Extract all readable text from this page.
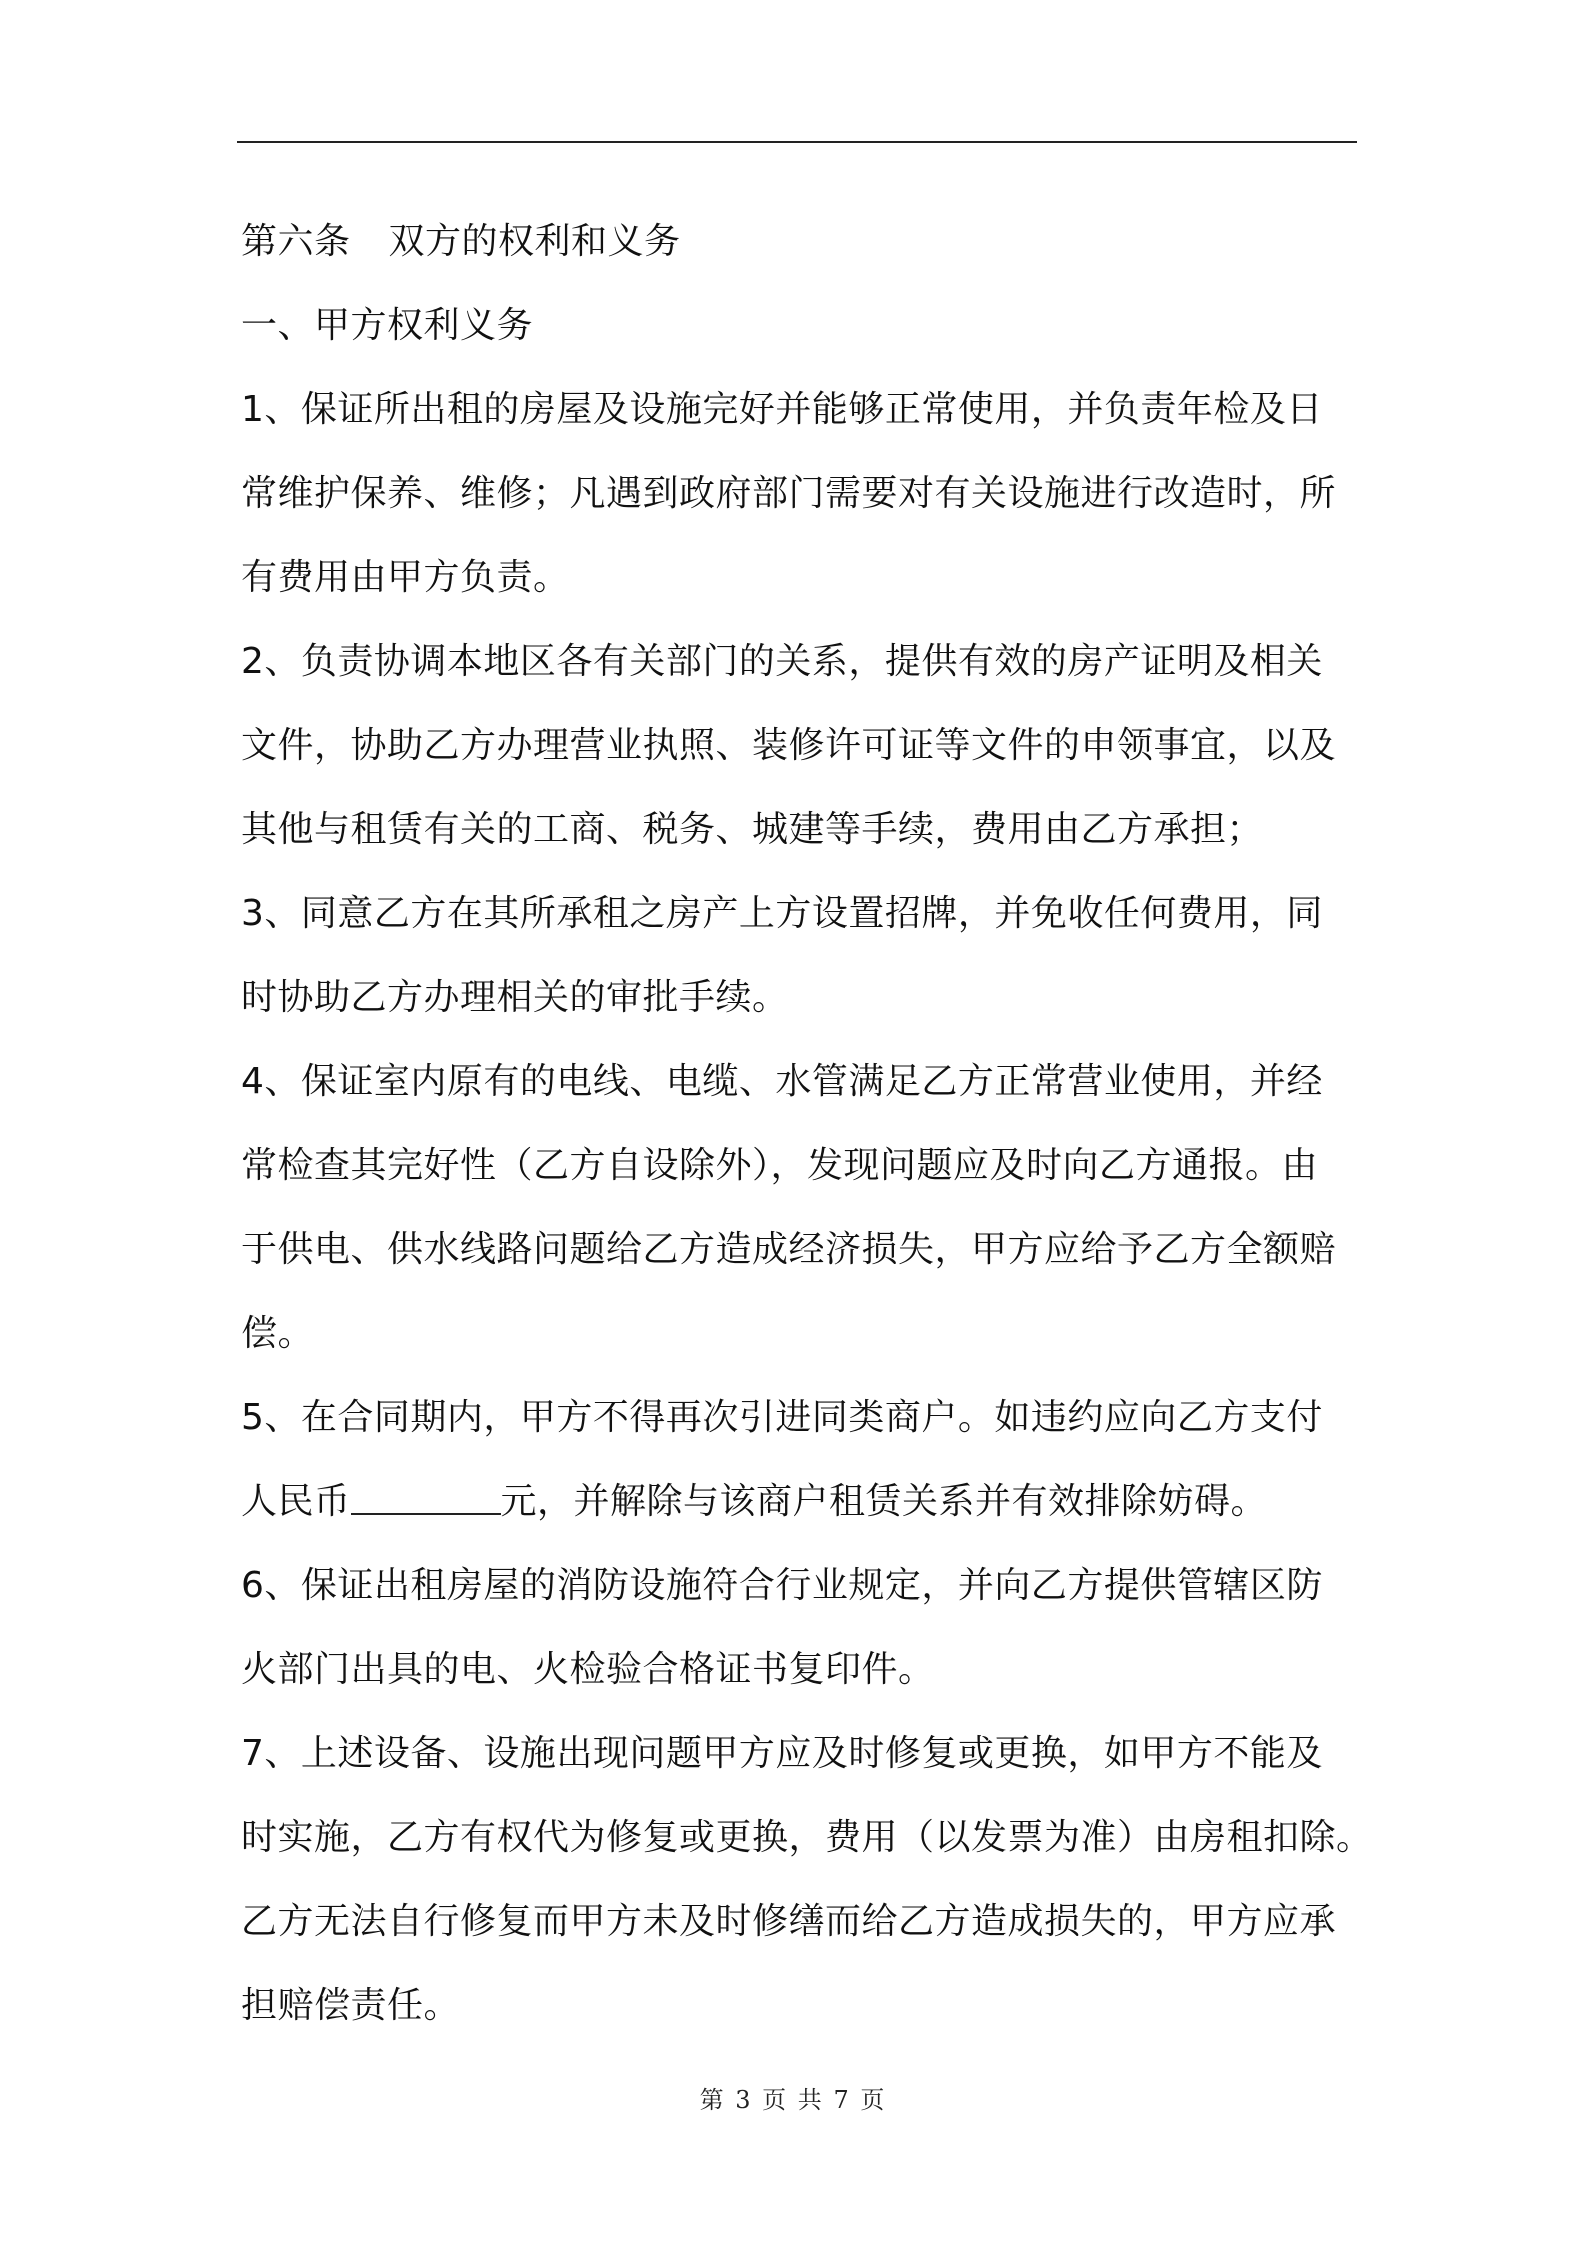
第六条 双方的权利和义务
一、甲方权利义务
1、保证所出租的房屋及设施完好并能够正常使用，并负责年检及日
常维护保养、维修；凡遇到政府部门需要对有关设施进行改造时，所
有费用由甲方负责。
2、负责协调本地区各有关部门的关系，提供有效的房产证明及相关
文件，协助乙方办理营业执照、装修许可证等文件的申领事宜，以及
其他与租赁有关的工商、税务、城建等手续，费用由乙方承担；
3、同意乙方在其所承租之房产上方设置招牌，并免收任何费用，同
时协助乙方办理相关的审批手续。
4、保证室内原有的电线、电缆、水管满足乙方正常营业使用，并经
常检查其完好性（乙方自设除外），发现问题应及时向乙方通报。由
于供电、供水线路问题给乙方造成经济损失，甲方应给予乙方全额赔
偿。
5、在合同期内，甲方不得再次引进同类商户。如违约应向乙方支付
人民币	元，并解除与该商户租赁关系并有效排除妨碍。
6、保证出租房屋的消防设施符合行业规定，并向乙方提供管辖区防
火部门出具的电、火检验合格证书复印件。
7、上述设备、设施出现问题甲方应及时修复或更换，如甲方不能及
时实施，乙方有权代为修复或更换，费用（以发票为准）由房租扣除。
乙方无法自行修复而甲方未及时修缮而给乙方造成损失的，甲方应承
担赔偿责任。
第 3 页 共 7 页
